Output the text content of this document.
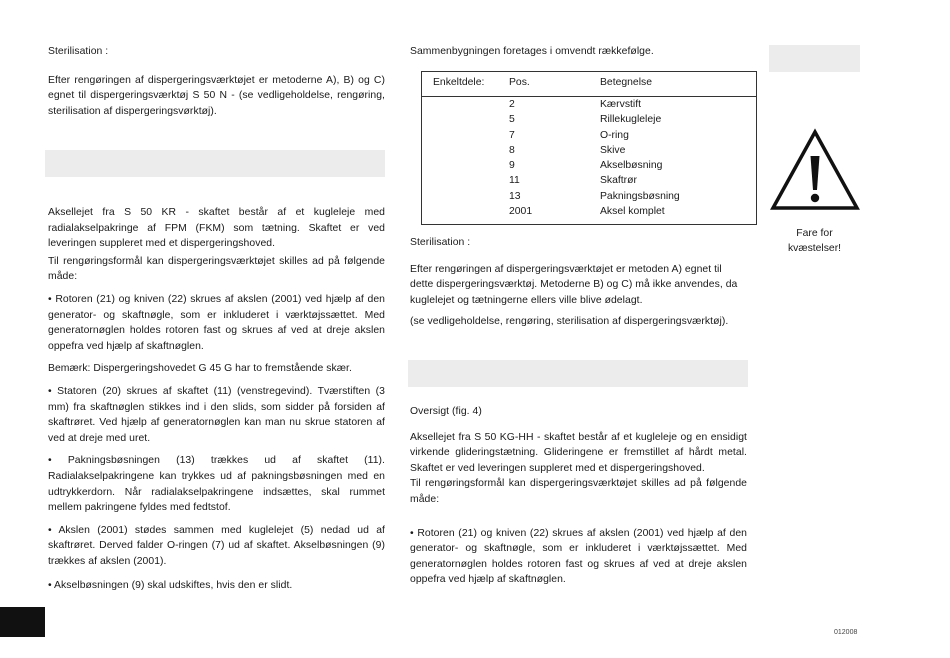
Sterilisation :

Efter rengøringen af dispergeringsværktøjet er metoderne A), B) og C) egnet til dispergeringsværktøj S 50 N - (se vedligeholdelse, rengøring, sterilisation af dispergeringsvørktøj).

Aksellejet fra S 50 KR - skaftet består af et kugleleje med radialakselpakringe af FPM (FKM) som tætning. Skaftet er ved leveringen suppleret med et dispergeringshoved.

Til rengøringsformål kan dispergeringsværktøjet skilles ad på følgende måde:

• Rotoren (21) og kniven (22) skrues af akslen (2001) ved hjælp af den generator- og skaftnøgle, som er inkluderet i værktøjssættet. Med generatornøglen holdes rotoren fast og skrues af ved at dreje akslen oppefra ved hjælp af skaftnøglen.

Bemærk: Dispergeringshovedet G 45 G har to fremstående skær.

• Statoren (20) skrues af skaftet (11) (venstregevind). Tværstiften (3 mm) fra skaftnøglen stikkes ind i den slids, som sidder på forsiden af skaftrøret. Ved hjælp af generatornøglen kan man nu skrue statoren af ved at dreje med uret.

• Pakningsbøsningen (13) trækkes ud af skaftet (11). Radialakselpakringene kan trykkes ud af pakningsbøsningen med en udtrykkerdorn. Når radialakselpakringene indsættes, skal rummet mellem pakringene fyldes med fedtstof.

• Akslen (2001) stødes sammen med kuglelejet (5) nedad ud af skaftrøret. Derved falder O-ringen (7) ud af skaftet. Akselbøsningen (9) trækkes af akslen (2001).

• Akselbøsningen (9) skal udskiftes, hvis den er slidt.

Sammenbygningen foretages i omvendt rækkefølge.
Enkeltdele: Pos.	Betegnelse
2	Kærvstift
5	Rillekugleleje
7	O-ring
8	Skive
9	Akselbøsning
11	Skaftrør
13	Pakningsbøsning
2001	Aksel komplet

Sterilisation :

Efter rengøringen af dispergeringsværktøjet er metoden A) egnet til dette dispergeringsværktøj. Metoderne B) og C) må ikke anvendes, da kuglelejet og tætningerne ellers ville blive ødelagt.

(se vedligeholdelse, rengøring, sterilisation af dispergeringsværktøj).

Oversigt (fig. 4)

Aksellejet fra S 50 KG-HH - skaftet består af et kugleleje og en ensidigt virkende glideringstætning. Glideringene er fremstillet af hårdt metal. Skaftet er ved leveringen suppleret med et dispergeringshoved.

Til rengøringsformål kan dispergeringsværktøjet skilles ad på følgende måde:

• Rotoren (21) og kniven (22) skrues af akslen (2001) ved hjælp af den generator- og skaftnøgle, som er inkluderet i værktøjssættet. Med generatornøglen holdes rotoren fast og skrues af ved at dreje akslen oppefra ved hjælp af skaftnøglen.

Fare for
kvæstelser!
012008
